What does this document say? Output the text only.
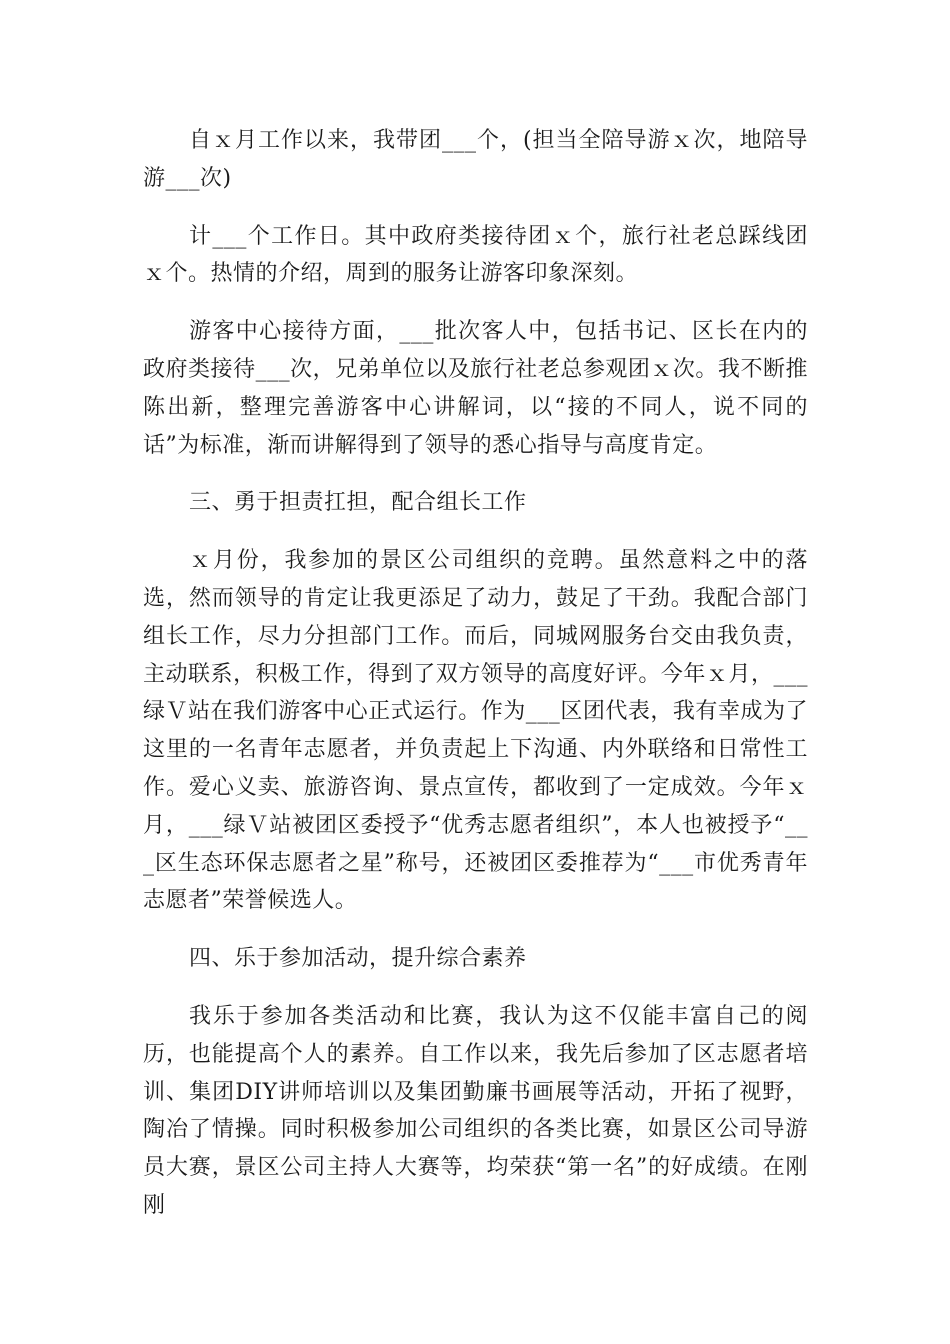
自ｘ月工作以来，我带团___个，(担当全陪导游ｘ次，地陪导游___次)

计___个工作日。其中政府类接待团ｘ个，旅行社老总踩线团ｘ个。热情的介绍，周到的服务让游客印象深刻。

游客中心接待方面，___批次客人中，包括书记、区长在内的政府类接待___次，兄弟单位以及旅行社老总参观团ｘ次。我不断推陈出新，整理完善游客中心讲解词，以“接的不同人，说不同的话”为标准，渐而讲解得到了领导的悉心指导与高度肯定。

三、勇于担责扛担，配合组长工作

ｘ月份，我参加的景区公司组织的竞聘。虽然意料之中的落选，然而领导的肯定让我更添足了动力，鼓足了干劲。我配合部门组长工作，尽力分担部门工作。而后，同城网服务台交由我负责，主动联系，积极工作，得到了双方领导的高度好评。今年ｘ月，___绿Ｖ站在我们游客中心正式运行。作为___区团代表，我有幸成为了这里的一名青年志愿者，并负责起上下沟通、内外联络和日常性工作。爱心义卖、旅游咨询、景点宣传，都收到了一定成效。今年ｘ月，___绿Ｖ站被团区委授予“优秀志愿者组织”，本人也被授予“___区生态环保志愿者之星”称号，还被团区委推荐为“___市优秀青年志愿者”荣誉候选人。

四、乐于参加活动，提升综合素养

我乐于参加各类活动和比赛，我认为这不仅能丰富自己的阅历，也能提高个人的素养。自工作以来，我先后参加了区志愿者培训、集团DIY讲师培训以及集团勤廉书画展等活动，开拓了视野，陶冶了情操。同时积极参加公司组织的各类比赛，如景区公司导游员大赛，景区公司主持人大赛等，均荣获“第一名”的好成绩。在刚刚
